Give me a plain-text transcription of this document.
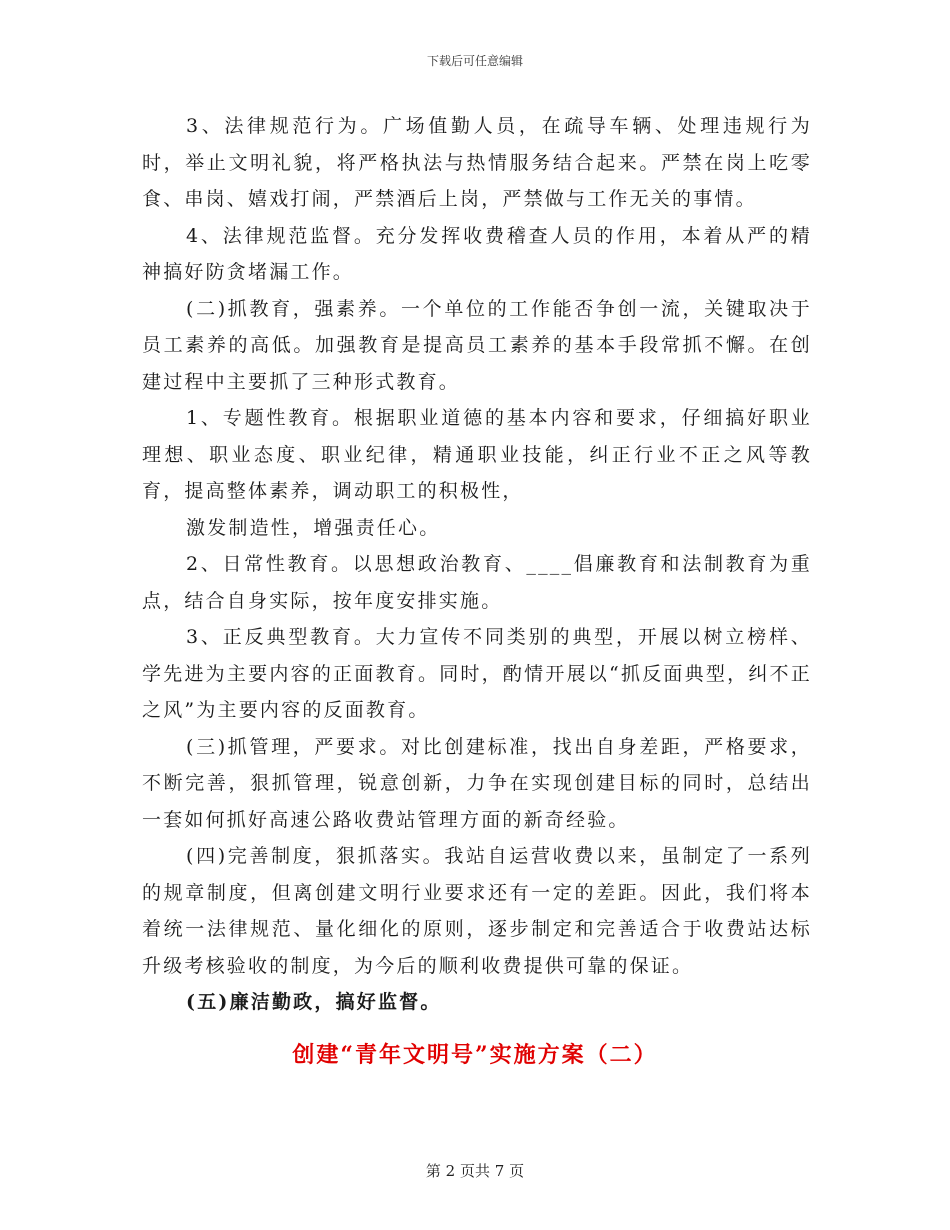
下载后可任意编辑

3、法律规范行为。广场值勤人员，在疏导车辆、处理违规行为时，举止文明礼貌，将严格执法与热情服务结合起来。严禁在岗上吃零食、串岗、嬉戏打闹，严禁酒后上岗，严禁做与工作无关的事情。

4、法律规范监督。充分发挥收费稽查人员的作用，本着从严的精神搞好防贪堵漏工作。

(二)抓教育，强素养。一个单位的工作能否争创一流，关键取决于员工素养的高低。加强教育是提高员工素养的基本手段常抓不懈。在创建过程中主要抓了三种形式教育。

1、专题性教育。根据职业道德的基本内容和要求，仔细搞好职业理想、职业态度、职业纪律，精通职业技能，纠正行业不正之风等教育，提高整体素养，调动职工的积极性，

激发制造性，增强责任心。

2、日常性教育。以思想政治教育、____倡廉教育和法制教育为重点，结合自身实际，按年度安排实施。

3、正反典型教育。大力宣传不同类别的典型，开展以树立榜样、学先进为主要内容的正面教育。同时，酌情开展以“抓反面典型，纠不正之风”为主要内容的反面教育。

(三)抓管理，严要求。对比创建标准，找出自身差距，严格要求，不断完善，狠抓管理，锐意创新，力争在实现创建目标的同时，总结出一套如何抓好高速公路收费站管理方面的新奇经验。

(四)完善制度，狠抓落实。我站自运营收费以来，虽制定了一系列的规章制度，但离创建文明行业要求还有一定的差距。因此，我们将本着统一法律规范、量化细化的原则，逐步制定和完善适合于收费站达标升级考核验收的制度，为今后的顺利收费提供可靠的保证。

(五)廉洁勤政，搞好监督。

创建“青年文明号”实施方案（二）
第 2 页共 7 页
